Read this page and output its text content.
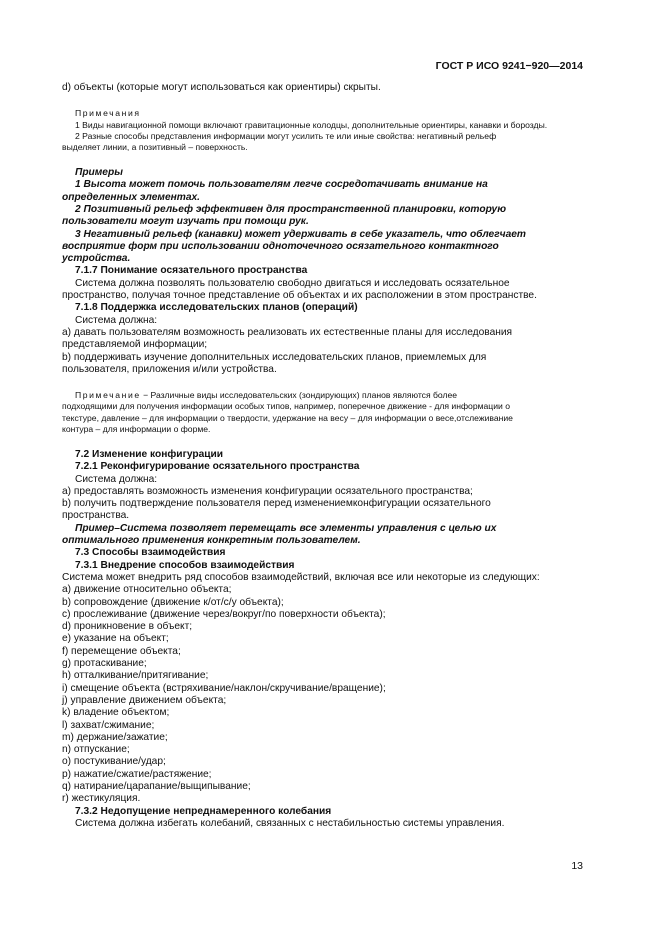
ГОСТ Р ИСО 9241−920—2014
d) объекты (которые могут использоваться как ориентиры) скрыты.
Примечания
1 Виды навигационной помощи включают гравитационные колодцы, дополнительные ориентиры, канавки и борозды.
2 Разные способы представления информации могут усилить те или иные свойства: негативный рельеф
выделяет линии, а позитивный – поверхность.
Примеры
1 Высота может помочь пользователям легче сосредотачивать внимание на
определенных элементах.
2 Позитивный рельеф эффективен для пространственной планировки, которую
пользователи могут изучать при помощи рук.
3 Негативный рельеф (канавки) может удерживать в себе указатель, что облегчает
восприятие форм при использовании одноточечного осязательного контактного
устройства.
7.1.7 Понимание осязательного пространства
Система должна позволять пользователю свободно двигаться и исследовать осязательное
пространство, получая точное представление об объектах и их расположении в этом пространстве.
7.1.8 Поддержка исследовательских планов (операций)
Система должна:
а) давать пользователям возможность реализовать их естественные планы для исследования
представляемой информации;
b) поддерживать изучение дополнительных исследовательских планов, приемлемых для
пользователя, приложения и/или устройства.
Примечание − Различные виды исследовательских (зондирующих) планов являются более
подходящими для получения информации особых типов, например, поперечное движение - для информации о
текстуре, давление – для информации о твердости, удержание на весу – для информации о весе,отслеживание
контура – для информации о форме.
7.2 Изменение конфигурации
7.2.1 Реконфигурирование осязательного пространства
Система должна:
a) предоставлять возможность изменения конфигурации осязательного пространства;
b) получить подтверждение пользователя перед изменениемконфигурации осязательного
пространства.
Пример–Система позволяет перемещать все элементы управления с целью их
оптимального применения конкретным пользователем.
7.3 Способы взаимодействия
7.3.1 Внедрение способов взаимодействия
Система может внедрить ряд способов взаимодействий, включая все или некоторые из следующих:
a) движение относительно объекта;
b) сопровождение (движение к/от/с/у объекта);
c) прослеживание (движение через/вокруг/по поверхности объекта);
d) проникновение в объект;
e) указание на объект;
f) перемещение объекта;
g) протаскивание;
h) отталкивание/притягивание;
i) смещение объекта (встряхивание/наклон/скручивание/вращение);
j) управление движением объекта;
k) владение объектом;
l) захват/сжимание;
m) держание/зажатие;
n) отпускание;
o) постукивание/удар;
p) нажатие/сжатие/растяжение;
q) натирание/царапание/выщипывание;
r) жестикуляция.
7.3.2 Недопущение непреднамеренного колебания
Система должна избегать колебаний, связанных с нестабильностью системы управления.
13
